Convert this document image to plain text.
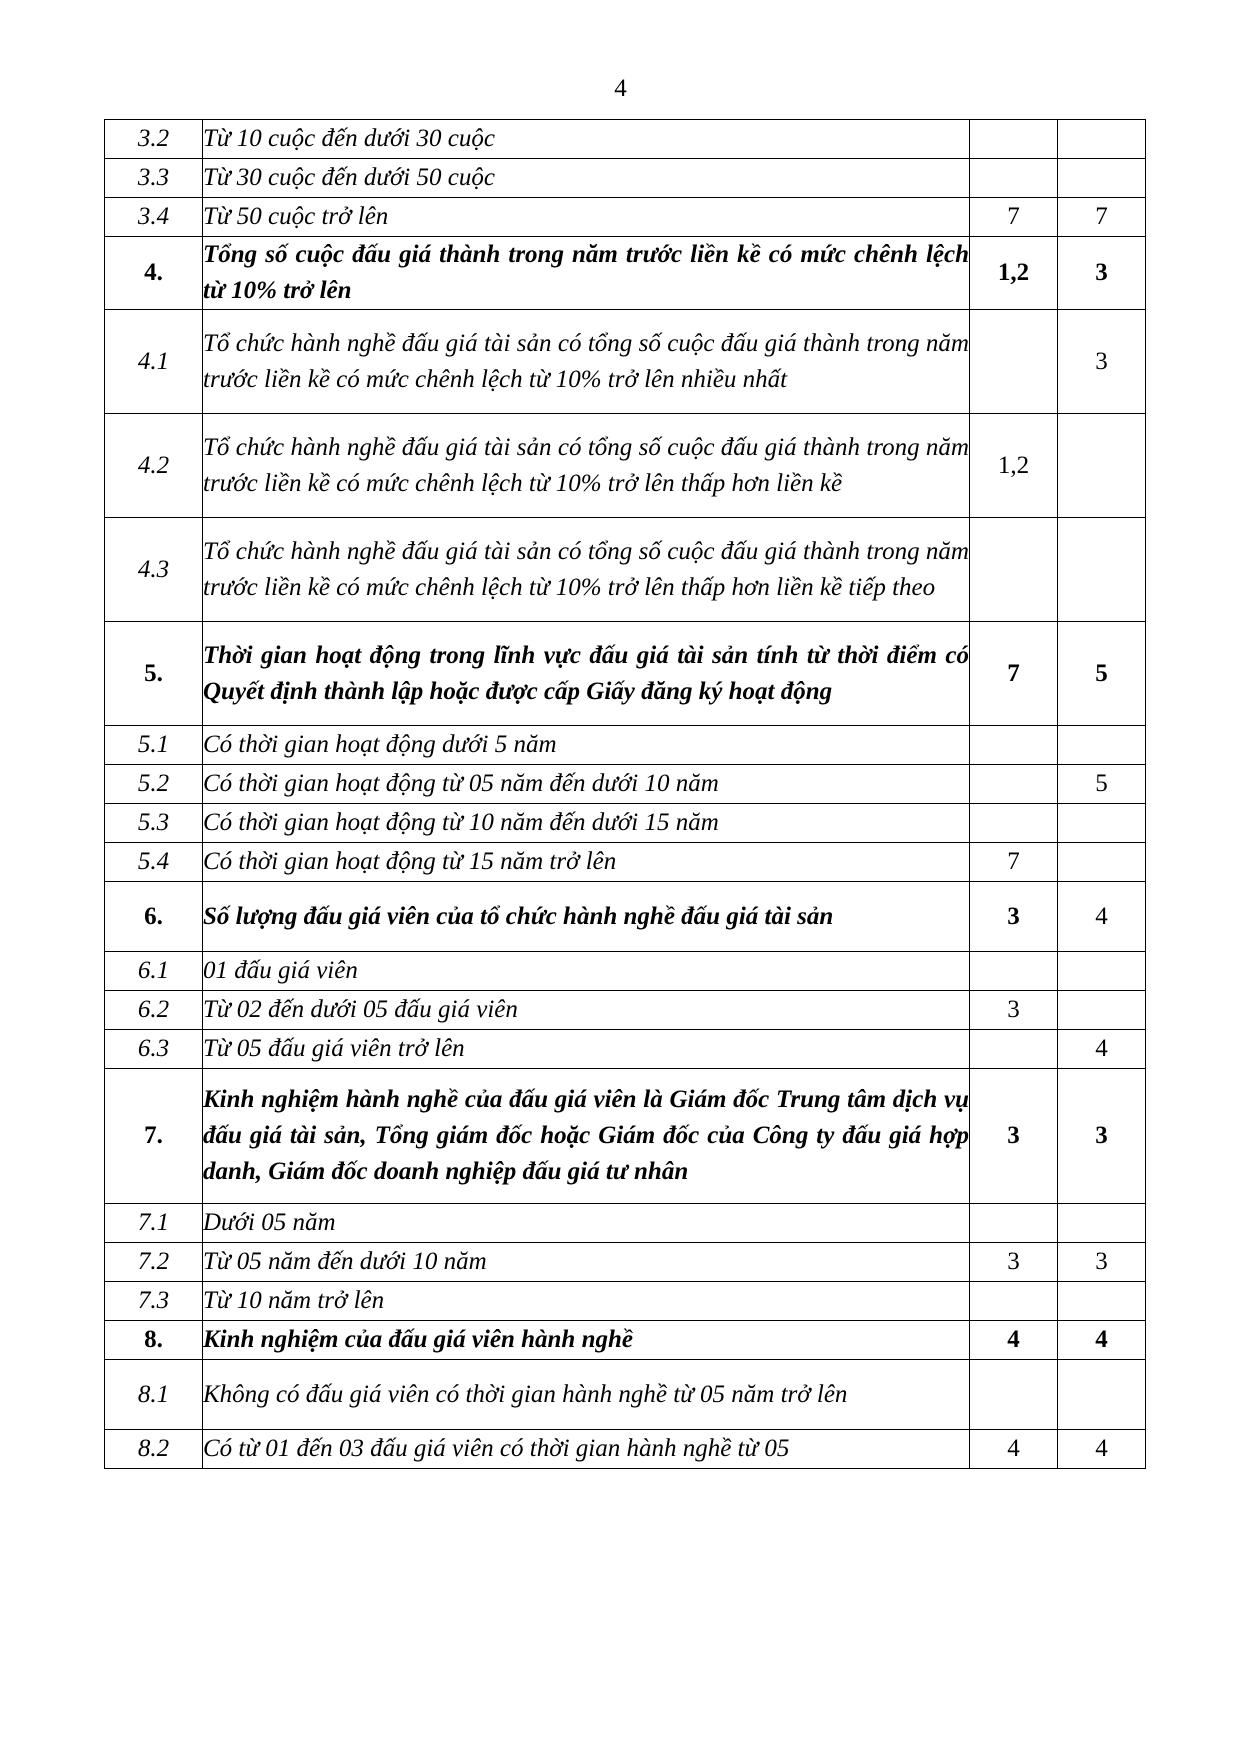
4
3.2	Từ 10 cuộc đến dưới 30 cuộc		
3.3	Từ 30 cuộc đến dưới 50 cuộc		
3.4	Từ 50 cuộc trở lên	7	7
4.	Tổng số cuộc đấu giá thành trong năm trước liền kề có mức chênh lệch từ 10% trở lên	1,2	3
4.1	Tổ chức hành nghề đấu giá tài sản có tổng số cuộc đấu giá thành trong năm trước liền kề có mức chênh lệch từ 10% trở lên nhiều nhất		3
4.2	Tổ chức hành nghề đấu giá tài sản có tổng số cuộc đấu giá thành trong năm trước liền kề có mức chênh lệch từ 10% trở lên thấp hơn liền kề	1,2	
4.3	Tổ chức hành nghề đấu giá tài sản có tổng số cuộc đấu giá thành trong năm trước liền kề có mức chênh lệch từ 10% trở lên thấp hơn liền kề tiếp theo		
5.	Thời gian hoạt động trong lĩnh vực đấu giá tài sản tính từ thời điểm có Quyết định thành lập hoặc được cấp Giấy đăng ký hoạt động	7	5
5.1	Có thời gian hoạt động dưới 5 năm		
5.2	Có thời gian hoạt động từ 05 năm đến dưới 10 năm		5
5.3	Có thời gian hoạt động từ 10 năm đến dưới 15 năm		
5.4	Có thời gian hoạt động từ 15 năm trở lên	7	
6.	Số lượng đấu giá viên của tổ chức hành nghề đấu giá tài sản	3	4
6.1	01 đấu giá viên		
6.2	Từ 02 đến dưới 05 đấu giá viên	3	
6.3	Từ 05 đấu giá viên trở lên		4
7.	Kinh nghiệm hành nghề của đấu giá viên là Giám đốc Trung tâm dịch vụ đấu giá tài sản, Tổng giám đốc hoặc Giám đốc của Công ty đấu giá hợp danh, Giám đốc doanh nghiệp đấu giá tư nhân	3	3
7.1	Dưới 05 năm		
7.2	Từ 05 năm đến dưới 10 năm	3	3
7.3	Từ 10 năm trở lên		
8.	Kinh nghiệm của đấu giá viên hành nghề	4	4
8.1	Không có đấu giá viên có thời gian hành nghề từ 05 năm trở lên		
8.2	Có từ 01 đến 03 đấu giá viên có thời gian hành nghề từ 05	4	4
